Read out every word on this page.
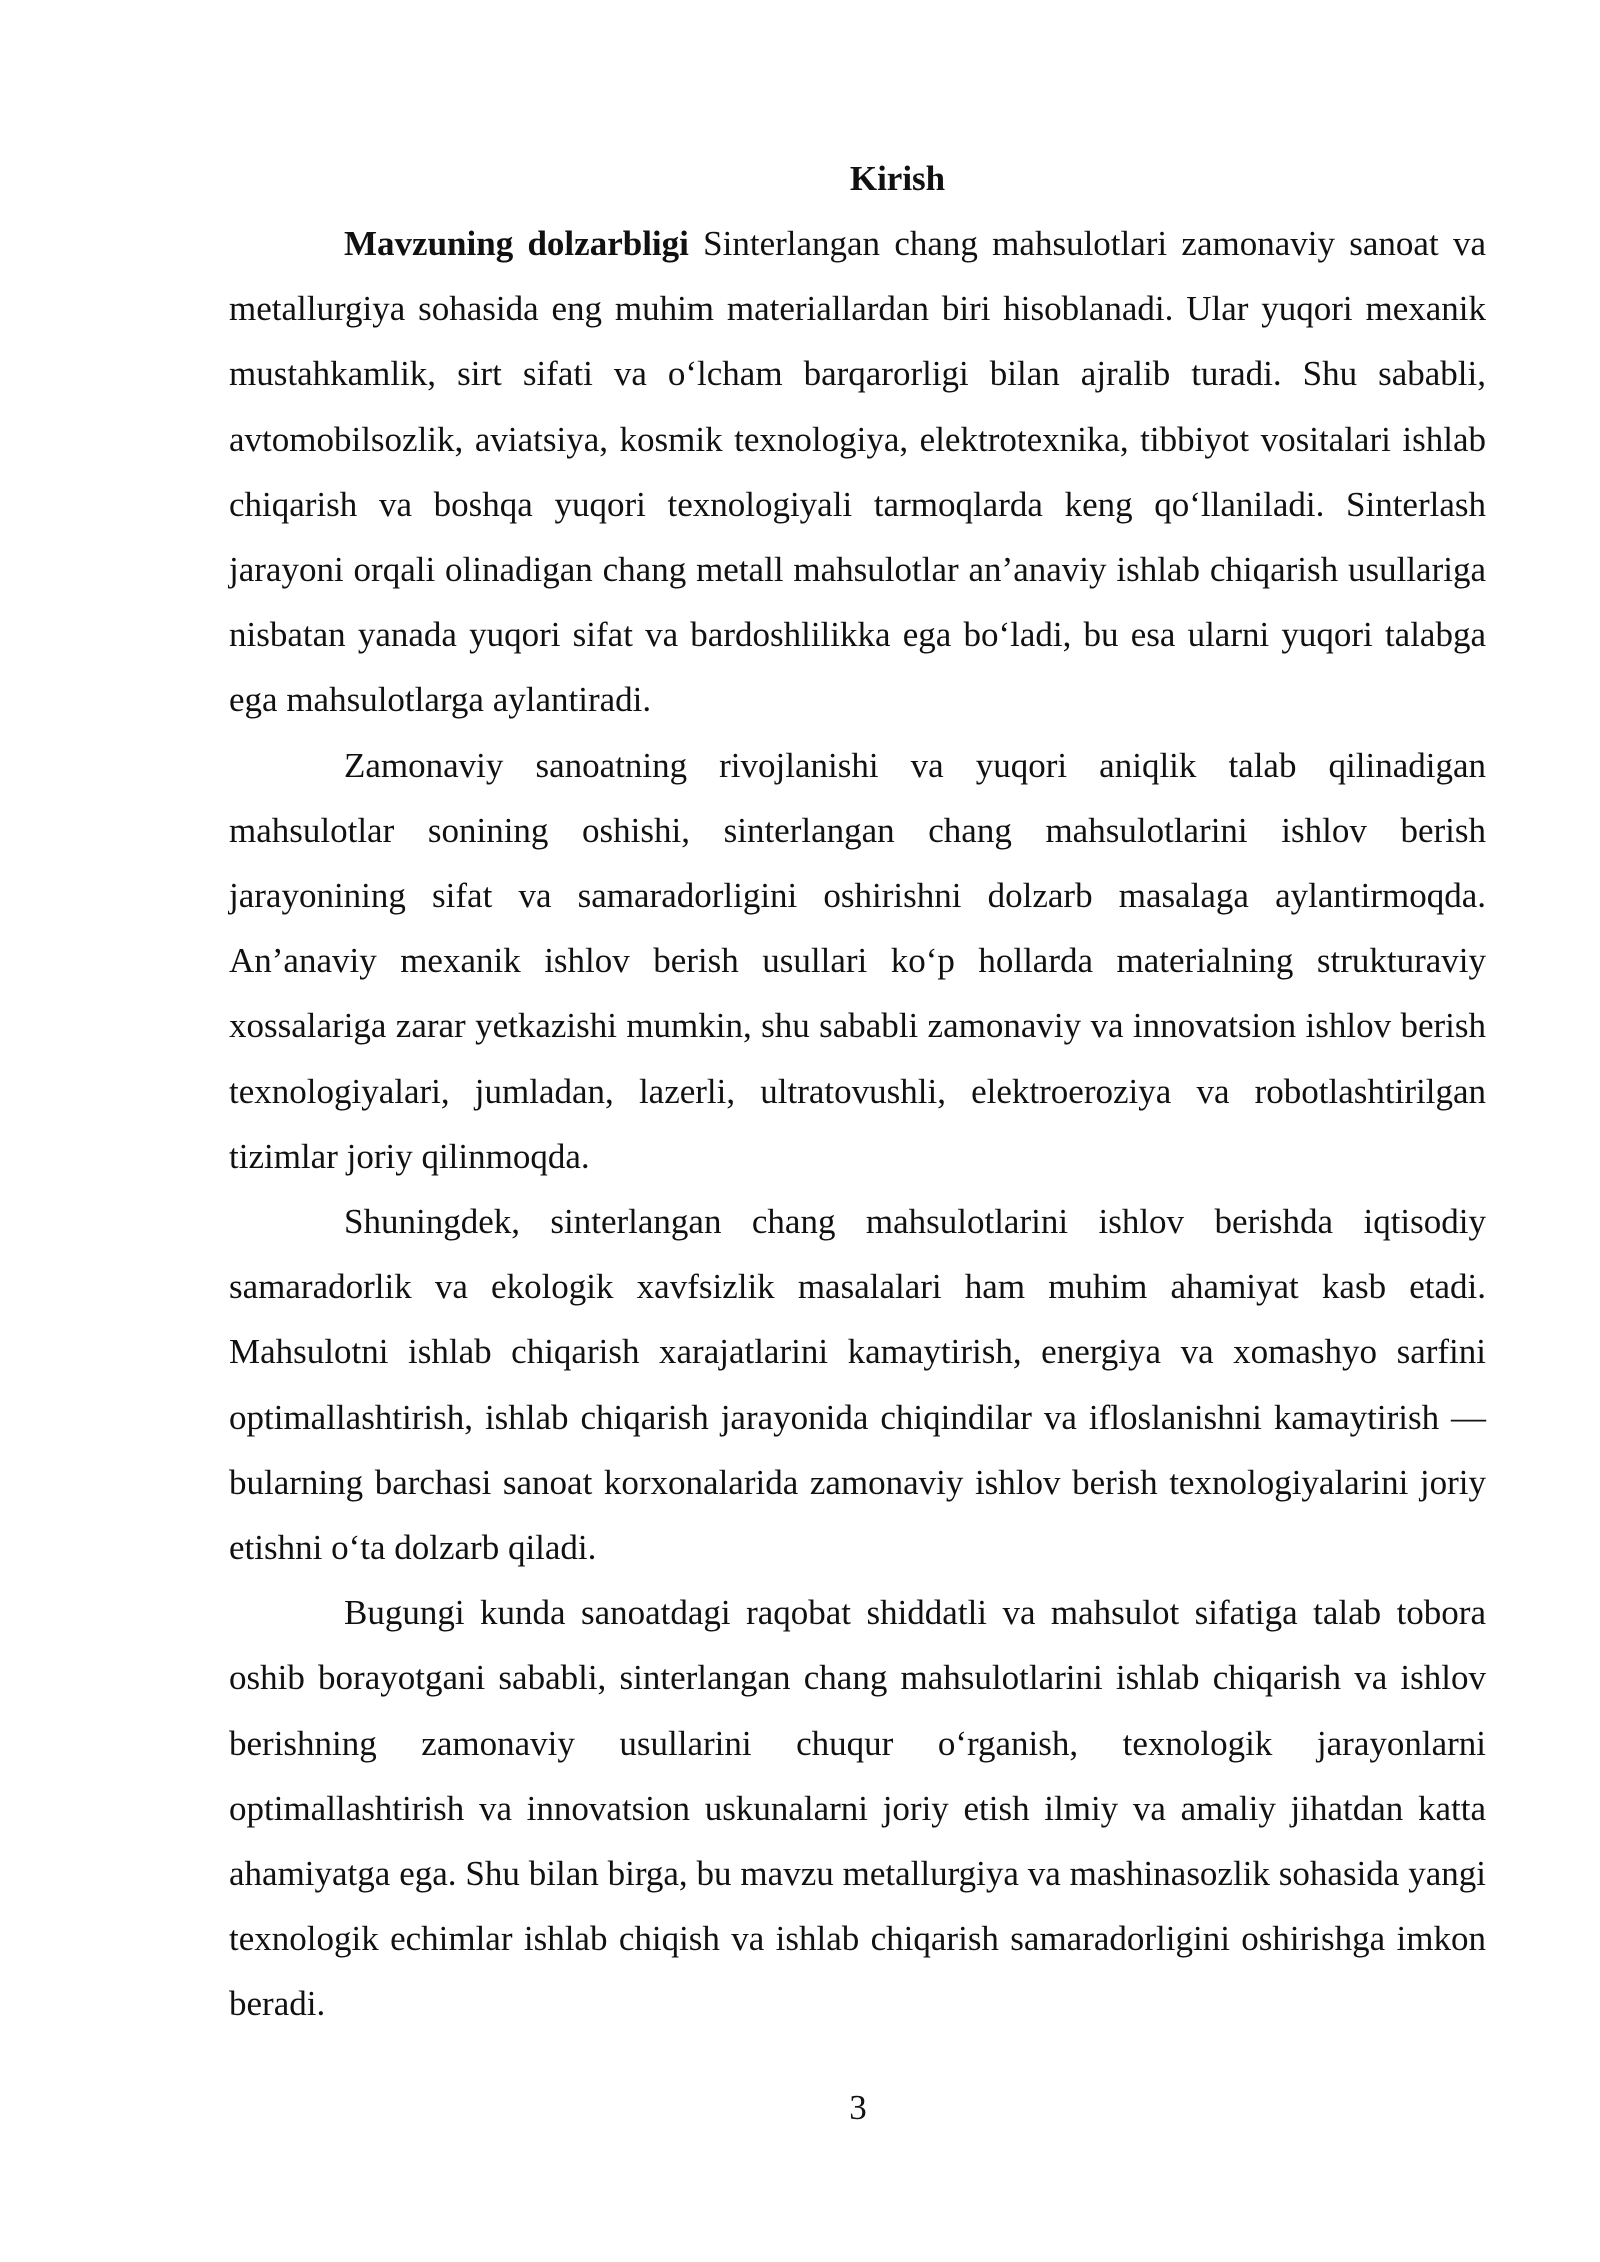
Kirish

Mavzuning dolzarbligi Sinterlangan chang mahsulotlari zamonaviy sanoat va metallurgiya sohasida eng muhim materiallardan biri hisoblanadi. Ular yuqori mexanik mustahkamlik, sirt sifati va o‘lcham barqarorligi bilan ajralib turadi. Shu sababli, avtomobilsozlik, aviatsiya, kosmik texnologiya, elektrotexnika, tibbiyot vositalari ishlab chiqarish va boshqa yuqori texnologiyali tarmoqlarda keng qo‘llaniladi. Sinterlash jarayoni orqali olinadigan chang metall mahsulotlar an’anaviy ishlab chiqarish usullariga nisbatan yanada yuqori sifat va bardoshlilikka ega bo‘ladi, bu esa ularni yuqori talabga ega mahsulotlarga aylantiradi.

Zamonaviy sanoatning rivojlanishi va yuqori aniqlik talab qilinadigan mahsulotlar sonining oshishi, sinterlangan chang mahsulotlarini ishlov berish jarayonining sifat va samaradorligini oshirishni dolzarb masalaga aylantirmoqda. An’anaviy mexanik ishlov berish usullari ko‘p hollarda materialning strukturaviy xossalariga zarar yetkazishi mumkin, shu sababli zamonaviy va innovatsion ishlov berish texnologiyalari, jumladan, lazerli, ultratovushli, elektroeroziya va robotlashtirilgan tizimlar joriy qilinmoqda.

Shuningdek, sinterlangan chang mahsulotlarini ishlov berishda iqtisodiy samaradorlik va ekologik xavfsizlik masalalari ham muhim ahamiyat kasb etadi. Mahsulotni ishlab chiqarish xarajatlarini kamaytirish, energiya va xomashyo sarfini optimallashtirish, ishlab chiqarish jarayonida chiqindilar va ifloslanishni kamaytirish — bularning barchasi sanoat korxonalarida zamonaviy ishlov berish texnologiyalarini joriy etishni o‘ta dolzarb qiladi.

Bugungi kunda sanoatdagi raqobat shiddatli va mahsulot sifatiga talab tobora oshib borayotgani sababli, sinterlangan chang mahsulotlarini ishlab chiqarish va ishlov berishning zamonaviy usullarini chuqur o‘rganish, texnologik jarayonlarni optimallashtirish va innovatsion uskunalarni joriy etish ilmiy va amaliy jihatdan katta ahamiyatga ega. Shu bilan birga, bu mavzu metallurgiya va mashinasozlik sohasida yangi texnologik echimlar ishlab chiqish va ishlab chiqarish samaradorligini oshirishga imkon beradi.

3
